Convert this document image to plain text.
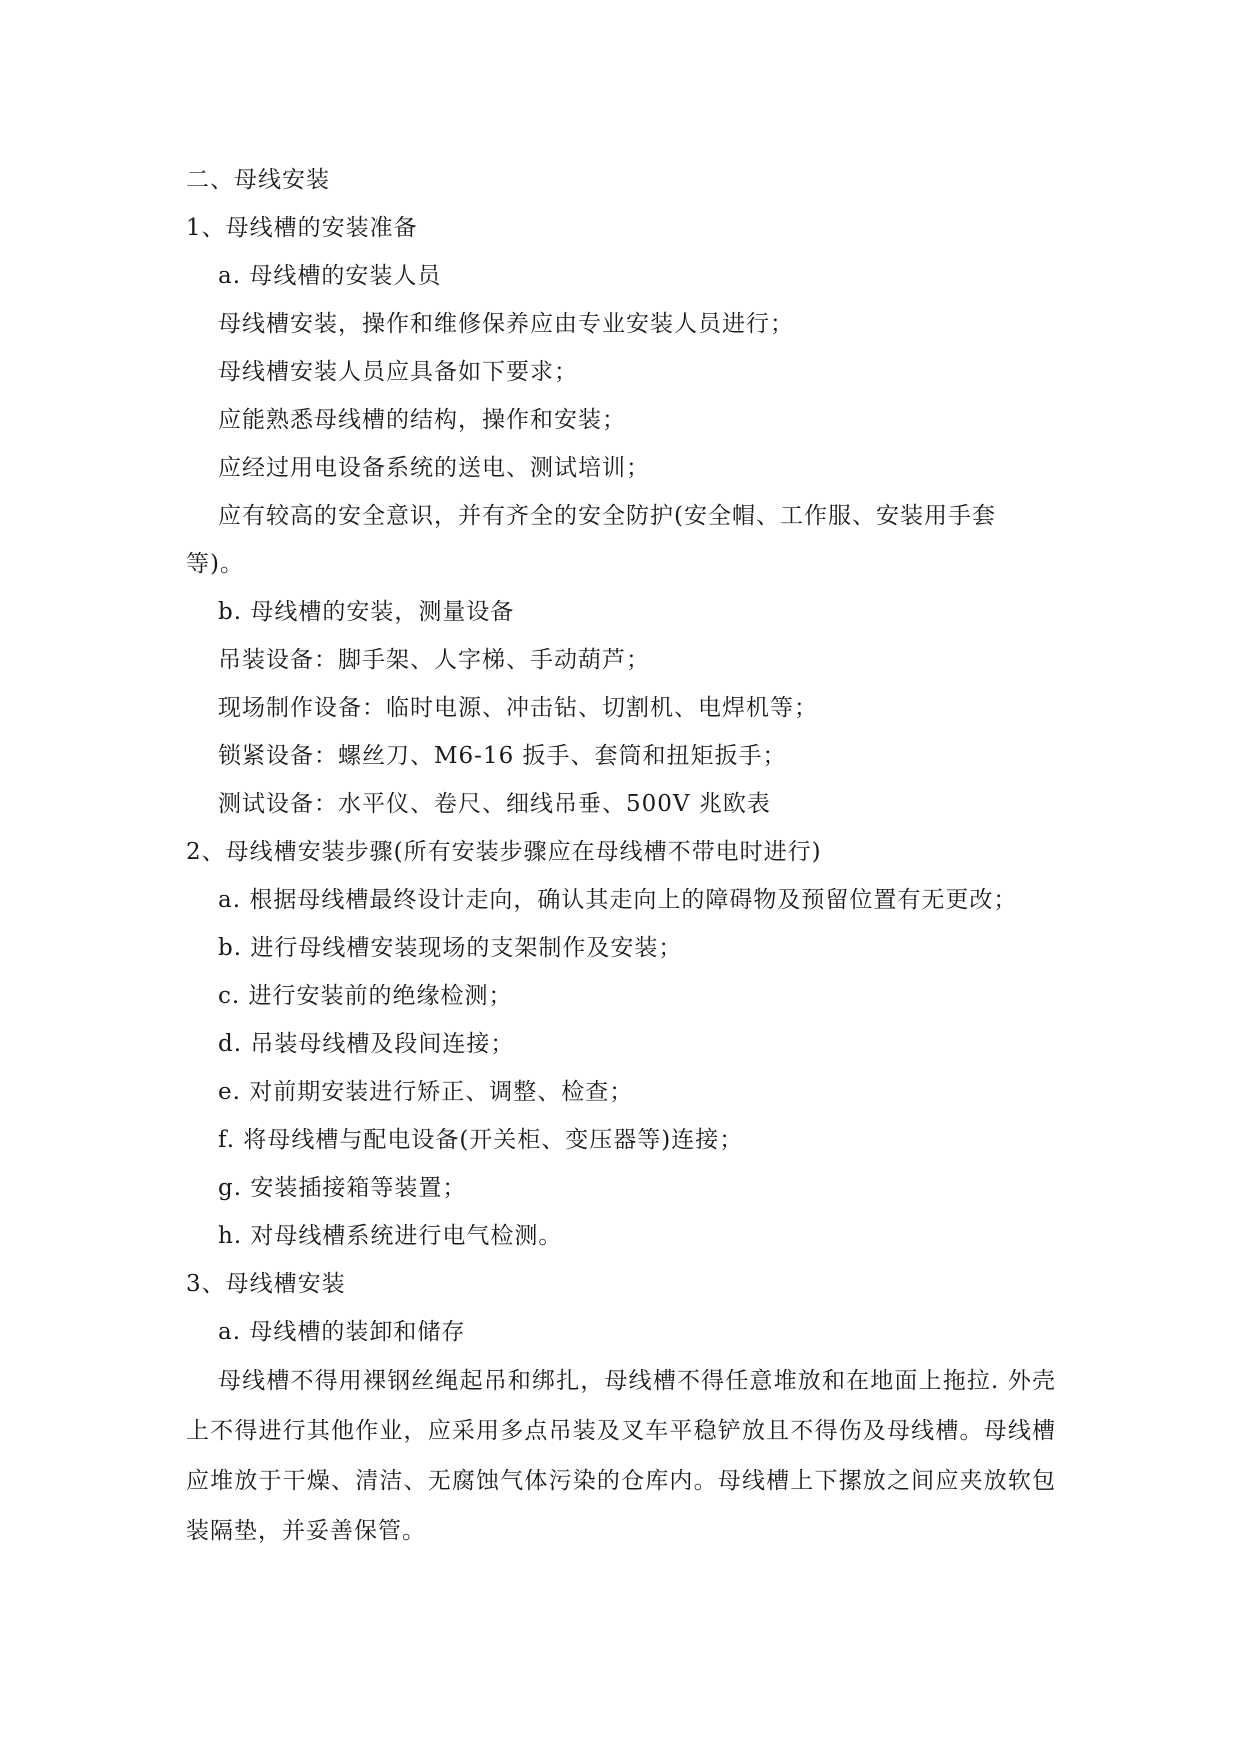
二、母线安装
1、母线槽的安装准备
a. 母线槽的安装人员
母线槽安装，操作和维修保养应由专业安装人员进行；
母线槽安装人员应具备如下要求；
应能熟悉母线槽的结构，操作和安装；
应经过用电设备系统的送电、测试培训；
应有较高的安全意识，并有齐全的安全防护(安全帽、工作服、安装用手套
等)。
b. 母线槽的安装，测量设备
吊装设备：脚手架、人字梯、手动葫芦；
现场制作设备：临时电源、冲击钻、切割机、电焊机等；
锁紧设备：螺丝刀、M6-16 扳手、套筒和扭矩扳手；
测试设备：水平仪、卷尺、细线吊垂、500V 兆欧表
2、母线槽安装步骤(所有安装步骤应在母线槽不带电时进行)
a. 根据母线槽最终设计走向，确认其走向上的障碍物及预留位置有无更改；
b. 进行母线槽安装现场的支架制作及安装；
c. 进行安装前的绝缘检测；
d. 吊装母线槽及段间连接；
e. 对前期安装进行矫正、调整、检查；
f. 将母线槽与配电设备(开关柜、变压器等)连接；
g. 安装插接箱等装置；
h. 对母线槽系统进行电气检测。
3、母线槽安装
a. 母线槽的装卸和储存
母线槽不得用裸钢丝绳起吊和绑扎，母线槽不得任意堆放和在地面上拖拉. 外壳上不得进行其他作业，应采用多点吊装及叉车平稳铲放且不得伤及母线槽。母线槽应堆放于干燥、清洁、无腐蚀气体污染的仓库内。母线槽上下摞放之间应夹放软包装隔垫，并妥善保管。
